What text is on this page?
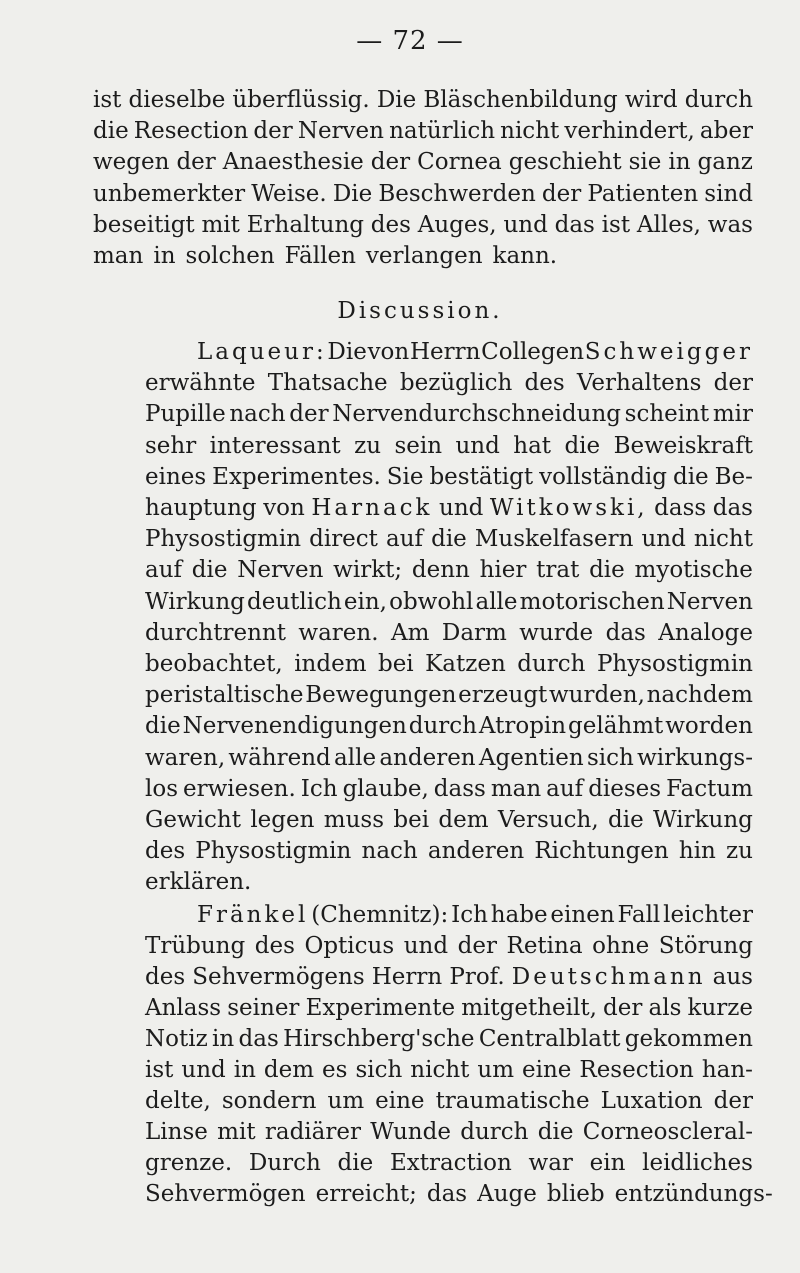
— 72 —
ist dieselbe überflüssig. Die Bläschenbildung wird durch
die Resection der Nerven natürlich nicht verhindert, aber
wegen der Anaesthesie der Cornea geschieht sie in ganz
unbemerkter Weise. Die Beschwerden der Patienten sind
beseitigt mit Erhaltung des Auges, und das ist Alles, was
man in solchen Fällen verlangen kann.
Discussion.
Laqueur: Die von Herrn Collegen Schweigger
erwähnte Thatsache bezüglich des Verhaltens der
Pupille nach der Nervendurchschneidung scheint mir
sehr interessant zu sein und hat die Beweiskraft
eines Experimentes. Sie bestätigt vollständig die Be-
hauptung von Harnack und Witkowski, dass das
Physostigmin direct auf die Muskelfasern und nicht
auf die Nerven wirkt; denn hier trat die myotische
Wirkung deutlich ein, obwohl alle motorischen Nerven
durchtrennt waren. Am Darm wurde das Analoge
beobachtet, indem bei Katzen durch Physostigmin
peristaltische Bewegungen erzeugt wurden, nachdem
die Nervenendigungen durch Atropin gelähmt worden
waren, während alle anderen Agentien sich wirkungs-
los erwiesen. Ich glaube, dass man auf dieses Factum
Gewicht legen muss bei dem Versuch, die Wirkung
des Physostigmin nach anderen Richtungen hin zu
erklären.
Fränkel (Chemnitz): Ich habe einen Fall leichter
Trübung des Opticus und der Retina ohne Störung
des Sehvermögens Herrn Prof. Deutschmann aus
Anlass seiner Experimente mitgetheilt, der als kurze
Notiz in das Hirschberg'sche Centralblatt gekommen
ist und in dem es sich nicht um eine Resection han-
delte, sondern um eine traumatische Luxation der
Linse mit radiärer Wunde durch die Corneoscleral-
grenze. Durch die Extraction war ein leidliches
Sehvermögen erreicht; das Auge blieb entzündungs-
